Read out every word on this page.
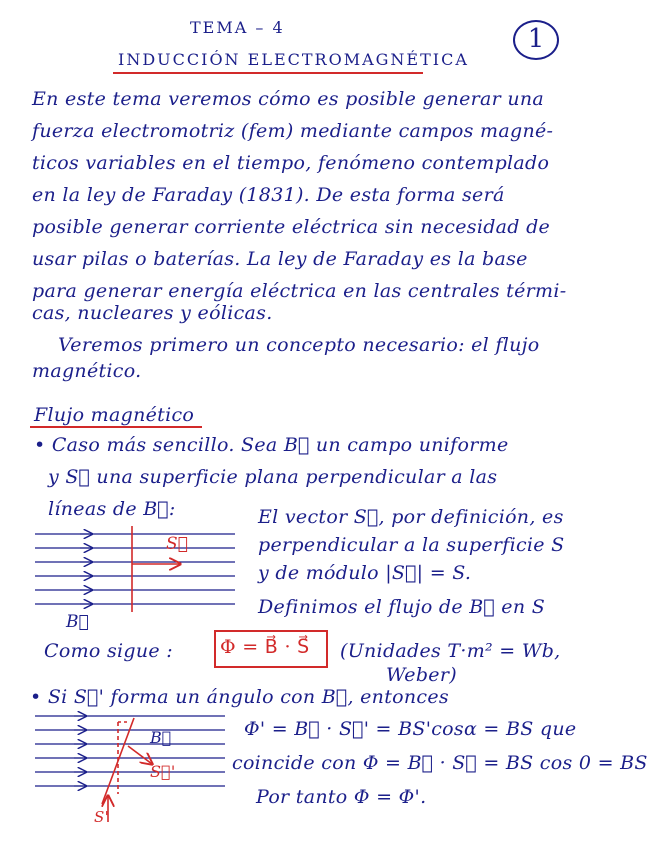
TEMA – 4
INDUCCIÓN ELECTROMAGNÉTICA
1
En este tema veremos cómo es posible generar una
fuerza electromotriz (fem) mediante campos magné-
ticos variables en el tiempo, fenómeno contemplado
en la ley de Faraday (1831). De esta forma será
posible generar corriente eléctrica sin necesidad de
usar pilas o baterías. La ley de Faraday es la base
para generar energía eléctrica en las centrales térmi-
cas, nucleares y eólicas.
Veremos primero un concepto necesario: el flujo
magnético.
Flujo magnético
• Caso más sencillo. Sea B⃗ un campo uniforme
y S⃗ una superficie plana perpendicular a las
líneas de B⃗:
S⃗
B⃗
El vector S⃗, por definición, es
perpendicular a la superficie S
y de módulo |S⃗| = S.
Definimos el flujo de B⃗ en S
Como sigue : Φ = B⃗ · S⃗ (Unidades T·m² = Wb,
Weber)
• Si S⃗' forma un ángulo con B⃗, entonces
B⃗
S⃗'
S'
Φ' = B⃗ · S⃗' = BS'cosα = BS que
coincide con Φ = B⃗ · S⃗ = BS cos 0 = BS
Por tanto Φ = Φ'.
